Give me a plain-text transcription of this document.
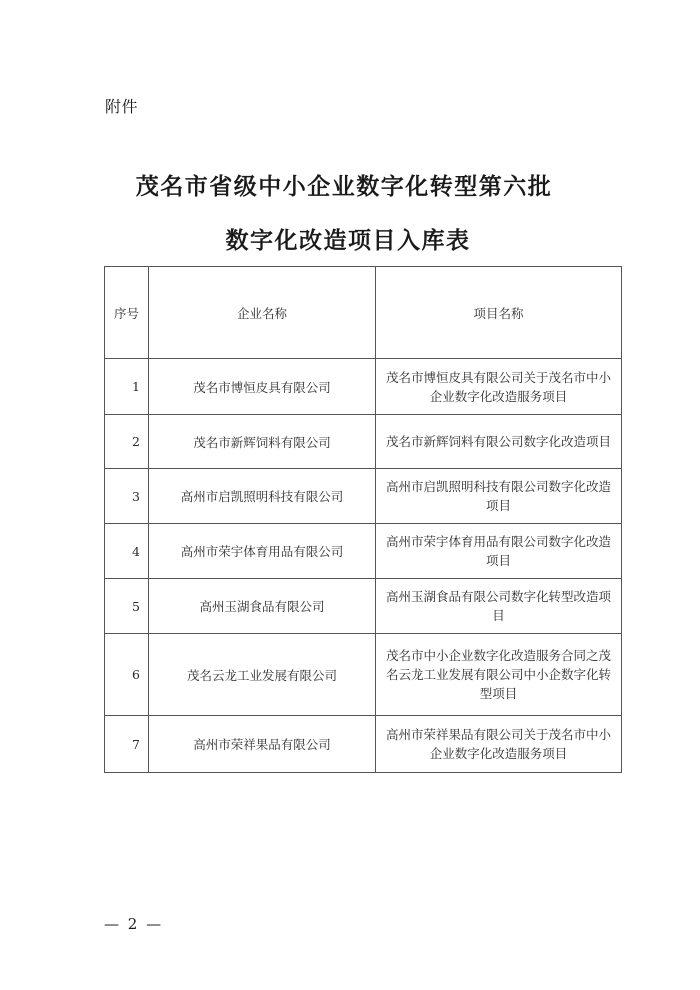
附件
茂名市省级中小企业数字化转型第六批
数字化改造项目入库表
序号	企业名称	项目名称
1	茂名市博恒皮具有限公司	茂名市博恒皮具有限公司关于茂名市中小企业数字化改造服务项目
2	茂名市新辉饲料有限公司	茂名市新辉饲料有限公司数字化改造项目
3	高州市启凯照明科技有限公司	高州市启凯照明科技有限公司数字化改造项目
4	高州市荣宇体育用品有限公司	高州市荣宇体育用品有限公司数字化改造项目
5	高州玉湖食品有限公司	高州玉湖食品有限公司数字化转型改造项目
6	茂名云龙工业发展有限公司	茂名市中小企业数字化改造服务合同之茂名云龙工业发展有限公司中小企数字化转型项目
7	高州市荣祥果品有限公司	高州市荣祥果品有限公司关于茂名市中小企业数字化改造服务项目
— 2 —
